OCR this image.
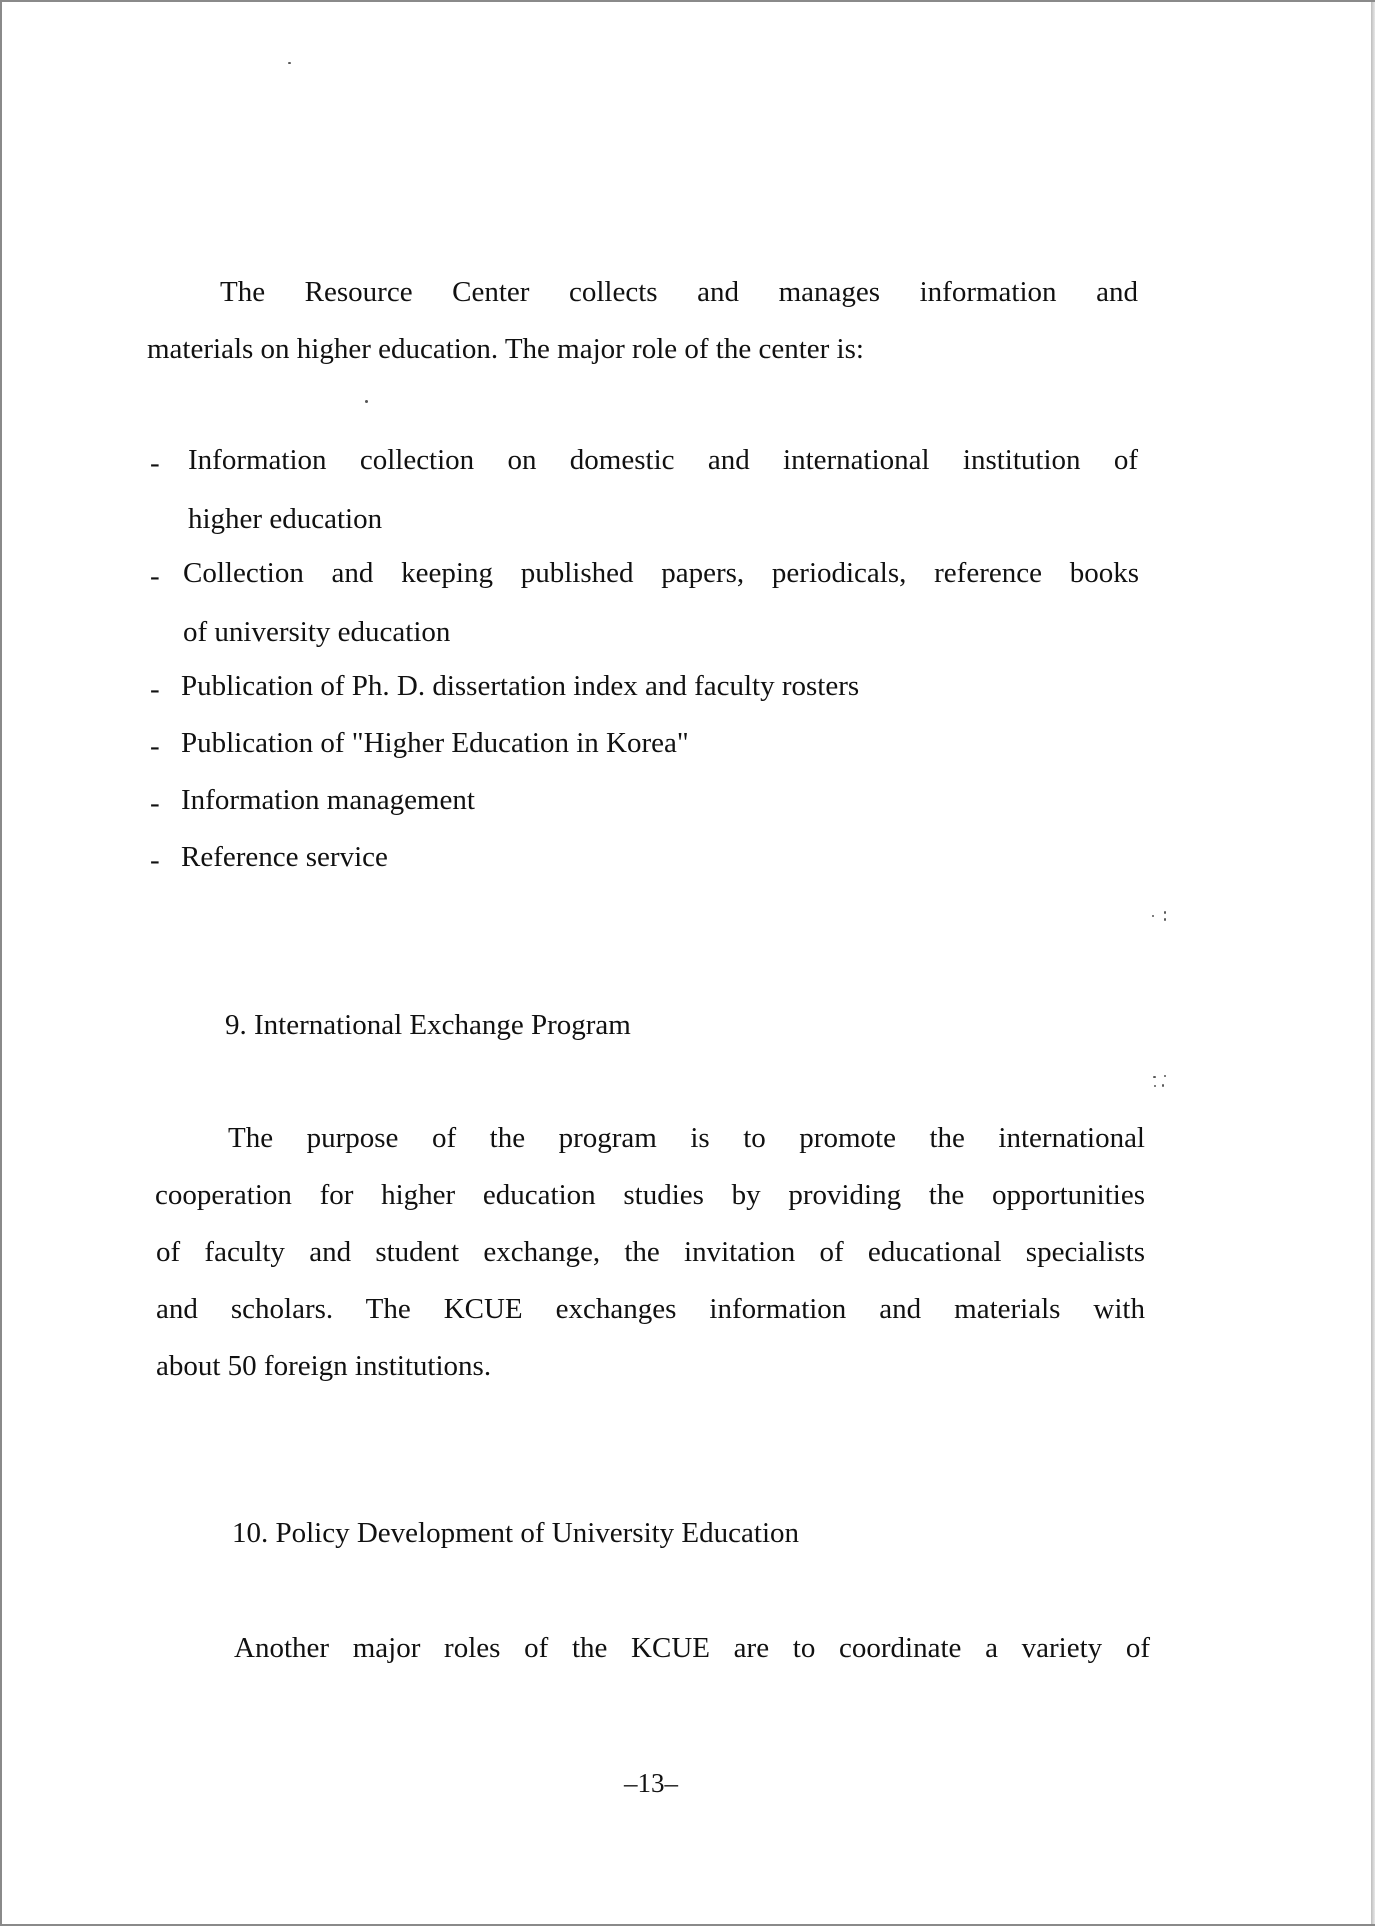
The Resource Center collects and manages information and
materials on higher education. The major role of the center is:
- Information collection on domestic and international institution of
higher education
- Collection and keeping published papers, periodicals, reference books
of university education
- Publication of Ph. D. dissertation index and faculty rosters
- Publication of "Higher Education in Korea"
- Information management
- Reference service
9. International Exchange Program
The purpose of the program is to promote the international
cooperation for higher education studies by providing the opportunities
of faculty and student exchange, the invitation of educational specialists
and scholars. The KCUE exchanges information and materials with
about 50 foreign institutions.
10. Policy Development of University Education
Another major roles of the KCUE are to coordinate a variety of
–13–
